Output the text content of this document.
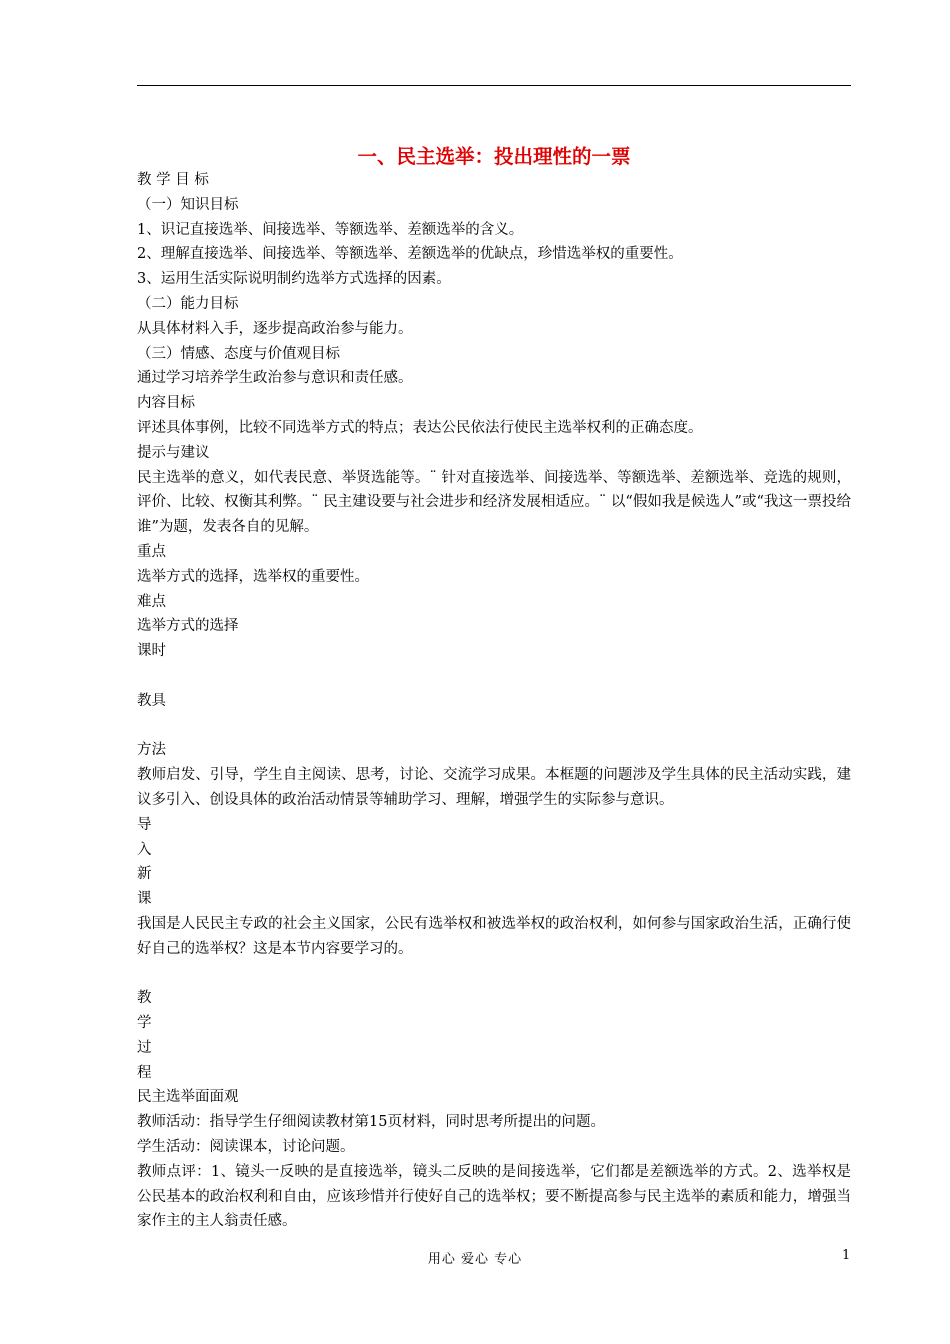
一、民主选举：投出理性的一票

教 学 目 标

（一）知识目标

1、识记直接选举、间接选举、等额选举、差额选举的含义。

2、理解直接选举、间接选举、等额选举、差额选举的优缺点，珍惜选举权的重要性。

3、运用生活实际说明制约选举方式选择的因素。

（二）能力目标

从具体材料入手，逐步提高政治参与能力。

（三）情感、态度与价值观目标

通过学习培养学生政治参与意识和责任感。

内容目标

评述具体事例，比较不同选举方式的特点；表达公民依法行使民主选举权利的正确态度。

提示与建议

民主选举的意义，如代表民意、举贤选能等。¨ 针对直接选举、间接选举、等额选举、差额选举、竞选的规则，评价、比较、权衡其利弊。¨ 民主建设要与社会进步和经济发展相适应。¨ 以“假如我是候选人”或“我这一票投给谁”为题，发表各自的见解。

重点

选举方式的选择，选举权的重要性。

难点

选举方式的选择

课时

教具

方法

教师启发、引导，学生自主阅读、思考，讨论、交流学习成果。本框题的问题涉及学生具体的民主活动实践，建议多引入、创设具体的政治活动情景等辅助学习、理解，增强学生的实际参与意识。

导

入

新

课

我国是人民民主专政的社会主义国家，公民有选举权和被选举权的政治权利，如何参与国家政治生活，正确行使好自己的选举权？这是本节内容要学习的。

教

学

过

程

民主选举面面观

教师活动：指导学生仔细阅读教材第15页材料，同时思考所提出的问题。

学生活动：阅读课本，讨论问题。

教师点评：1、镜头一反映的是直接选举，镜头二反映的是间接选举，它们都是差额选举的方式。2、选举权是公民基本的政治权利和自由，应该珍惜并行使好自己的选举权；要不断提高参与民主选举的素质和能力，增强当家作主的主人翁责任感。

用心 爱心 专心	1
